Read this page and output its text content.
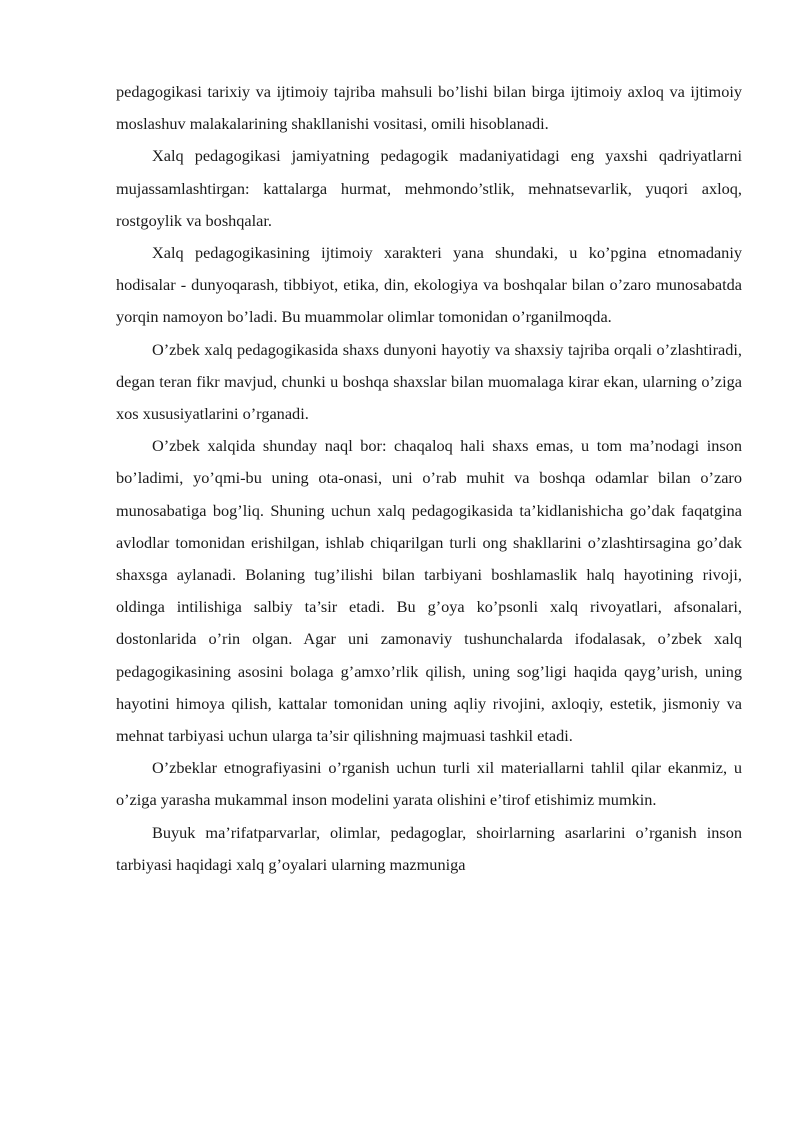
pedagogikasi tarixiy va ijtimoiy tajriba mahsuli bo’lishi bilan birga ijtimoiy axloq va ijtimoiy moslashuv malakalarining shakllanishi vositasi, omili hisoblanadi.

Xalq pedagogikasi jamiyatning pedagogik madaniyatidagi eng yaxshi qadriyatlarni mujassamlashtirgan: kattalarga hurmat, mehmondo’stlik, mehnatsevarlik, yuqori axloq, rostgoylik va boshqalar.

Xalq pedagogikasining ijtimoiy xarakteri yana shundaki, u ko’pgina etnomadaniy hodisalar - dunyoqarash, tibbiyot, etika, din, ekologiya va boshqalar bilan o’zaro munosabatda yorqin namoyon bo’ladi. Bu muammolar olimlar tomonidan o’rganilmoqda.

O’zbek xalq pedagogikasida shaxs dunyoni hayotiy va shaxsiy tajriba orqali o’zlashtiradi, degan teran fikr mavjud, chunki u boshqa shaxslar bilan muomalaga kirar ekan, ularning o’ziga xos xususiyatlarini o’rganadi.

O’zbek xalqida shunday naql bor: chaqaloq hali shaxs emas, u tom ma’nodagi inson bo’ladimi, yo’qmi-bu uning ota-onasi, uni o’rab muhit va boshqa odamlar bilan o’zaro munosabatiga bog’liq. Shuning uchun xalq pedagogikasida ta’kidlanishicha go’dak faqatgina avlodlar tomonidan erishilgan, ishlab chiqarilgan turli ong shakllarini o’zlashtirsagina go’dak shaxsga aylanadi. Bolaning tug’ilishi bilan tarbiyani boshlamaslik halq hayotining rivoji, oldinga intilishiga salbiy ta’sir etadi. Bu g’oya ko’psonli xalq rivoyatlari, afsonalari, dostonlarida o’rin olgan. Agar uni zamonaviy tushunchalarda ifodalasak, o’zbek xalq pedagogikasining asosini bolaga g’amxo’rlik qilish, uning sog’ligi haqida qayg’urish, uning hayotini himoya qilish, kattalar tomonidan uning aqliy rivojini, axloqiy, estetik, jismoniy va mehnat tarbiyasi uchun ularga ta’sir qilishning majmuasi tashkil etadi.

O’zbeklar etnografiyasini o’rganish uchun turli xil materiallarni tahlil qilar ekanmiz, u o’ziga yarasha mukammal inson modelini yarata olishini e’tirof etishimiz mumkin.

Buyuk ma’rifatparvarlar, olimlar, pedagoglar, shoirlarning asarlarini o’rganish inson tarbiyasi haqidagi xalq g’oyalari ularning mazmuniga
